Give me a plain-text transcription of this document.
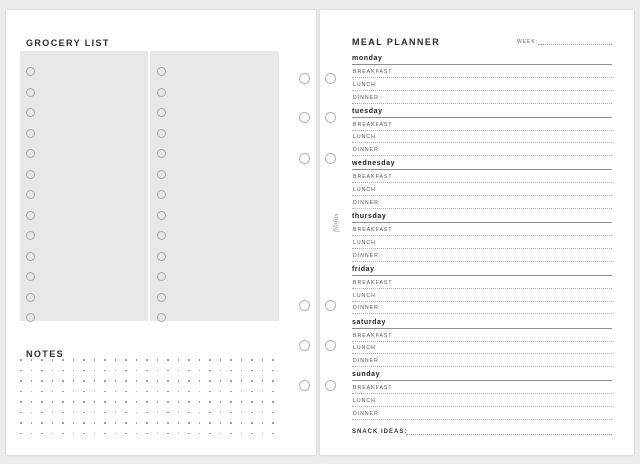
GROCERY LIST
NOTES
filofax
MEAL PLANNER	WEEK:
monday
BREAKFAST
LUNCH
DINNER
tuesday
BREAKFAST
LUNCH
DINNER
wednesday
BREAKFAST
LUNCH
DINNER
thursday
BREAKFAST
LUNCH
DINNER
friday
BREAKFAST
LUNCH
DINNER
saturday
BREAKFAST
LUNCH
DINNER
sunday
BREAKFAST
LUNCH
DINNER
SNACK IDEAS:
